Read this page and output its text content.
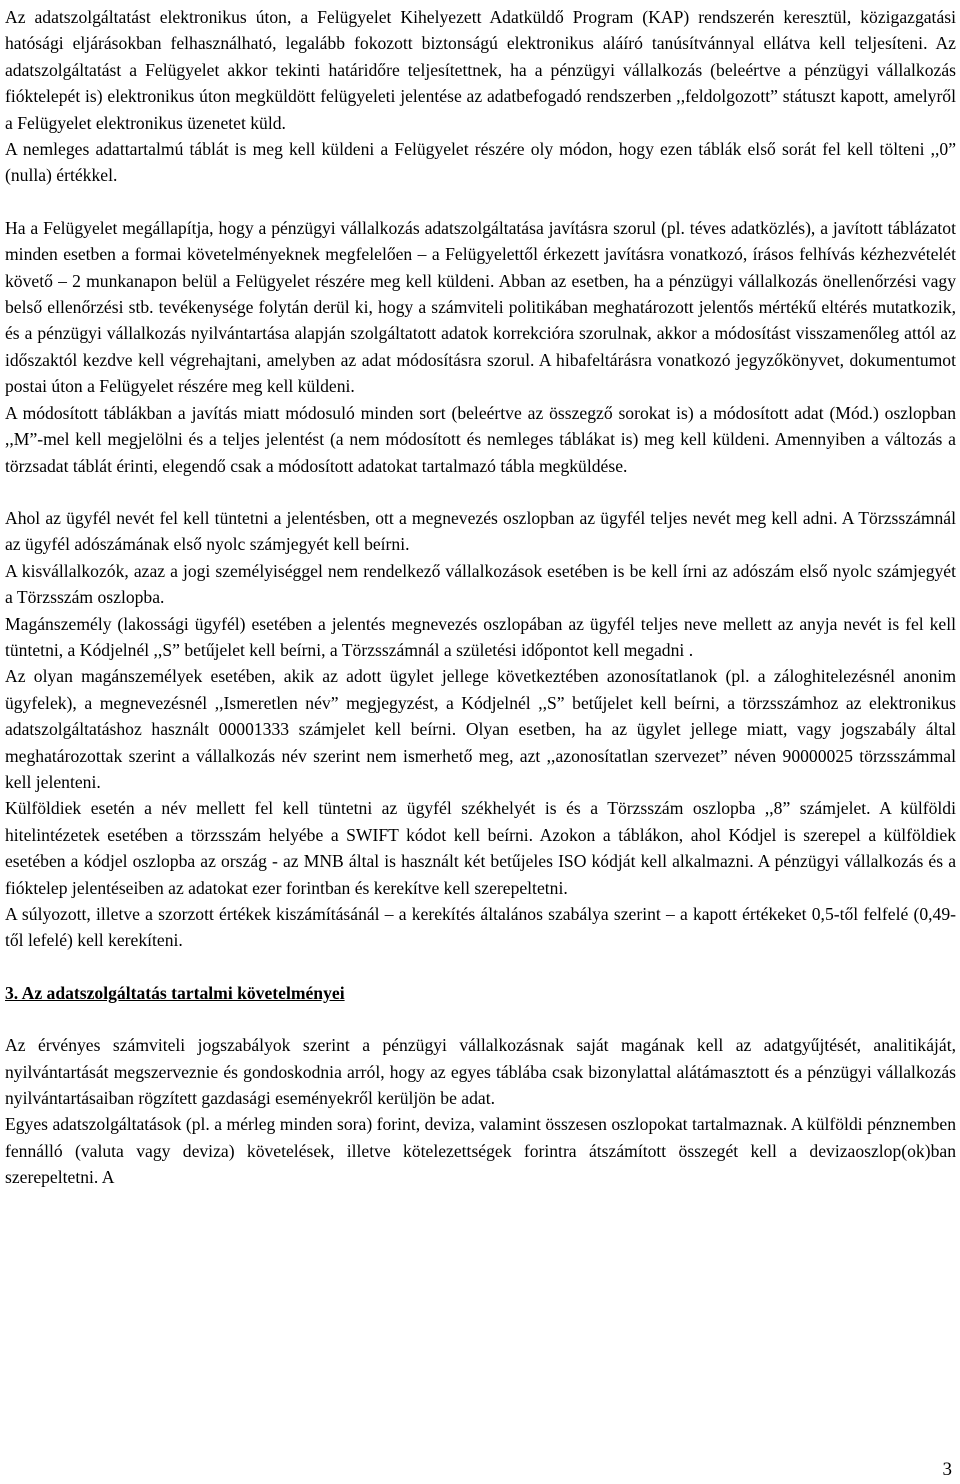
Az adatszolgáltatást elektronikus úton, a Felügyelet Kihelyezett Adatküldő Program (KAP) rendszerén keresztül, közigazgatási hatósági eljárásokban felhasználható, legalább fokozott biztonságú elektronikus aláíró tanúsítvánnyal ellátva kell teljesíteni. Az adatszolgáltatást a Felügyelet akkor tekinti határidőre teljesítettnek, ha a pénzügyi vállalkozás (beleértve a pénzügyi vállalkozás fióktelepét is) elektronikus úton megküldött felügyeleti jelentése az adatbefogadó rendszerben ,,feldolgozott” státuszt kapott, amelyről a Felügyelet elektronikus üzenetet küld.

A nemleges adattartalmú táblát is meg kell küldeni a Felügyelet részére oly módon, hogy ezen táblák első sorát fel kell tölteni ,,0” (nulla) értékkel.

Ha a Felügyelet megállapítja, hogy a pénzügyi vállalkozás adatszolgáltatása javításra szorul (pl. téves adatközlés), a javított táblázatot minden esetben a formai követelményeknek megfelelően – a Felügyelettől érkezett javításra vonatkozó, írásos felhívás kézhezvételét követő – 2 munkanapon belül a Felügyelet részére meg kell küldeni. Abban az esetben, ha a pénzügyi vállalkozás önellenőrzési vagy belső ellenőrzési stb. tevékenysége folytán derül ki, hogy a számviteli politikában meghatározott jelentős mértékű eltérés mutatkozik, és a pénzügyi vállalkozás nyilvántartása alapján szolgáltatott adatok korrekcióra szorulnak, akkor a módosítást visszamenőleg attól az időszaktól kezdve kell végrehajtani, amelyben az adat módosításra szorul. A hibafeltárásra vonatkozó jegyzőkönyvet, dokumentumot postai úton a Felügyelet részére meg kell küldeni.

A módosított táblákban a javítás miatt módosuló minden sort (beleértve az összegző sorokat is) a módosított adat (Mód.) oszlopban ,,M”-mel kell megjelölni és a teljes jelentést (a nem módosított és nemleges táblákat is) meg kell küldeni. Amennyiben a változás a törzsadat táblát érinti, elegendő csak a módosított adatokat tartalmazó tábla megküldése.

Ahol az ügyfél nevét fel kell tüntetni a jelentésben, ott a megnevezés oszlopban az ügyfél teljes nevét meg kell adni. A Törzsszámnál az ügyfél adószámának első nyolc számjegyét kell beírni.

A kisvállalkozók, azaz a jogi személyiséggel nem rendelkező vállalkozások esetében is be kell írni az adószám első nyolc számjegyét a Törzsszám oszlopba.

Magánszemély (lakossági ügyfél) esetében a jelentés megnevezés oszlopában az ügyfél teljes neve mellett az anyja nevét is fel kell tüntetni, a Kódjelnél ,,S” betűjelet kell beírni, a Törzsszámnál a születési időpontot kell megadni .

Az olyan magánszemélyek esetében, akik az adott ügylet jellege következtében azonosítatlanok (pl. a záloghitelezésnél anonim ügyfelek), a megnevezésnél ,,Ismeretlen név” megjegyzést, a Kódjelnél ,,S” betűjelet kell beírni, a törzsszámhoz az elektronikus adatszolgáltatáshoz használt 00001333 számjelet kell beírni. Olyan esetben, ha az ügylet jellege miatt, vagy jogszabály által meghatározottak szerint a vállalkozás név szerint nem ismerhető meg, azt ,,azonosítatlan szervezet” néven 90000025 törzsszámmal kell jelenteni.

Külföldiek esetén a név mellett fel kell tüntetni az ügyfél székhelyét is és a Törzsszám oszlopba ,,8” számjelet. A külföldi hitelintézetek esetében a törzsszám helyébe a SWIFT kódot kell beírni. Azokon a táblákon, ahol Kódjel is szerepel a külföldiek esetében a kódjel oszlopba az ország - az MNB által is használt két betűjeles ISO kódját kell alkalmazni. A pénzügyi vállalkozás és a fióktelep jelentéseiben az adatokat ezer forintban és kerekítve kell szerepeltetni.

A súlyozott, illetve a szorzott értékek kiszámításánál – a kerekítés általános szabálya szerint – a kapott értékeket 0,5-től felfelé (0,49-től lefelé) kell kerekíteni.

3. Az adatszolgáltatás tartalmi követelményei

Az érvényes számviteli jogszabályok szerint a pénzügyi vállalkozásnak saját magának kell az adatgyűjtését, analitikáját, nyilvántartását megszerveznie és gondoskodnia arról, hogy az egyes táblába csak bizonylattal alátámasztott és a pénzügyi vállalkozás nyilvántartásaiban rögzített gazdasági eseményekről kerüljön be adat.

Egyes adatszolgáltatások (pl. a mérleg minden sora) forint, deviza, valamint összesen oszlopokat tartalmaznak. A külföldi pénznemben fennálló (valuta vagy deviza) követelések, illetve kötelezettségek forintra átszámított összegét kell a devizaoszlop(ok)ban szerepeltetni. A

3
